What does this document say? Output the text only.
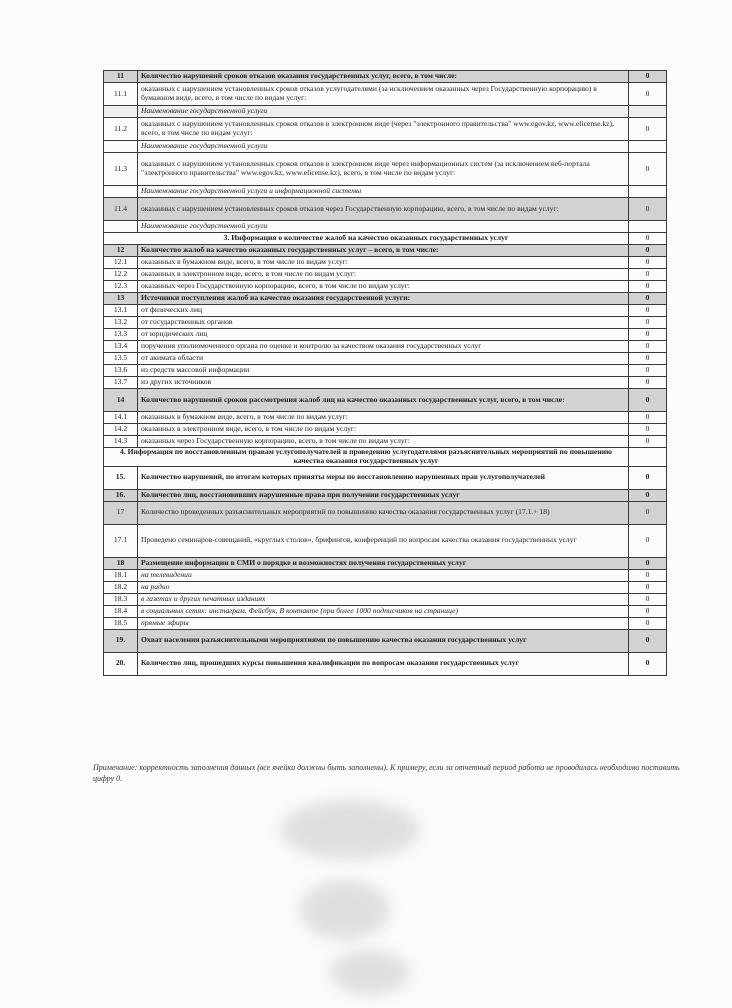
11	Количество нарушений сроков отказов оказания государственных услуг, всего, в том числе:	0
11.1	оказанных с нарушением установленных сроков отказов услугодателями (за исключением оказанных через Государственную корпорацию) в бумажном виде, всего, в том числе по видам услуг:	0
	Наименование государственной услуги	
11.2	оказанных с нарушением установленных сроков отказов в электронном виде (через "электронного правительства" www.egov.kz, www.elicense.kz), всего, в том числе по видам услуг:	0
	Наименование государственной услуги	
11.3	оказанных с нарушением установленных сроков отказов в электронном виде через информационных систем (за исключением веб-портала "электронного правительства" www.egov.kz, www.elicense.kz), всего, в том числе по видам услуг:	0
	Наименование государственной услуги и информационной системы	
11.4	оказанных с нарушением установленных сроков отказов через Государственную корпорацию, всего, в том числе по видам услуг:	0
	Наименование государственной услуги	
3. Информация о количестве жалоб на качество оказанных государственных услуг		0
12	Количество жалоб на качество оказанных государственных услуг – всего, в том числе:	0
12.1	оказанных в бумажном виде, всего, в том числе по видам услуг:	0
12.2	оказанных в электронном виде, всего, в том числе по видам услуг:	0
12.3	оказанных через Государственную корпорацию, всего, в том числе по видам услуг:	0
13	Источники поступления жалоб на качество оказания государственной услуги:	0
13.1	от физических лиц	0
13.2	от государственных органов	0
13.3	от юридических лиц	0
13.4	поручения уполномоченного органа по оценке и контролю за качеством оказания государственных услуг	0
13.5	от акимата области	0
13.6	из средств массовой информации	0
13.7	из других источников	0
14	Количество нарушений сроков рассмотрения жалоб лиц на качество оказанных государственных услуг, всего, в том числе:	0
14.1	оказанных в бумажном виде, всего, в том числе по видам услуг:	0
14.2	оказанных в электронном виде, всего, в том числе по видам услуг:	0
14.3	оказанных через Государственную корпорацию, всего, в том числе по видам услуг:	0
4. Информация по восстановленным правам услугополучателей и проведению услугодателями разъяснительных мероприятий по повышению качества оказания государственных услуг		
15.	Количество нарушений, по итогам которых приняты меры по восстановлению нарушенных прав услугополучателей	0
16.	Количество лиц, восстановивших нарушенные права при получении государственных услуг	0
17	Количество проведенных разъяснительных мероприятий по повышению качества оказания государственных услуг (17.1.+ 18)	0
17.1	Проведено семинаров-совещаний, «круглых столов», брифингов, конференций по вопросам качества оказания государственных услуг	0
18	Размещение информации в СМИ о порядке и возможностях получения государственных услуг	0
18.1	на телевидении	0
18.2	на радио	0
18.3	в газетах и других печатных изданиях	0
18.4	в социальных сетях: инстаграм, Фейсбук, В контакте (при более 1000 подписчиков на странице)	0
18.5	прямые эфиры	0
19.	Охват населения разъяснительными мероприятиями по повышению качества оказания государственных услуг	0
20.	Количество лиц, прошедших курсы повышения квалификации по вопросам оказания государственных услуг	0
Примечание: корректность заполнения данных (все ячейки должны быть заполнены). К примеру, если за отчетный период работа не проводилась необходимо поставить цифру 0.
